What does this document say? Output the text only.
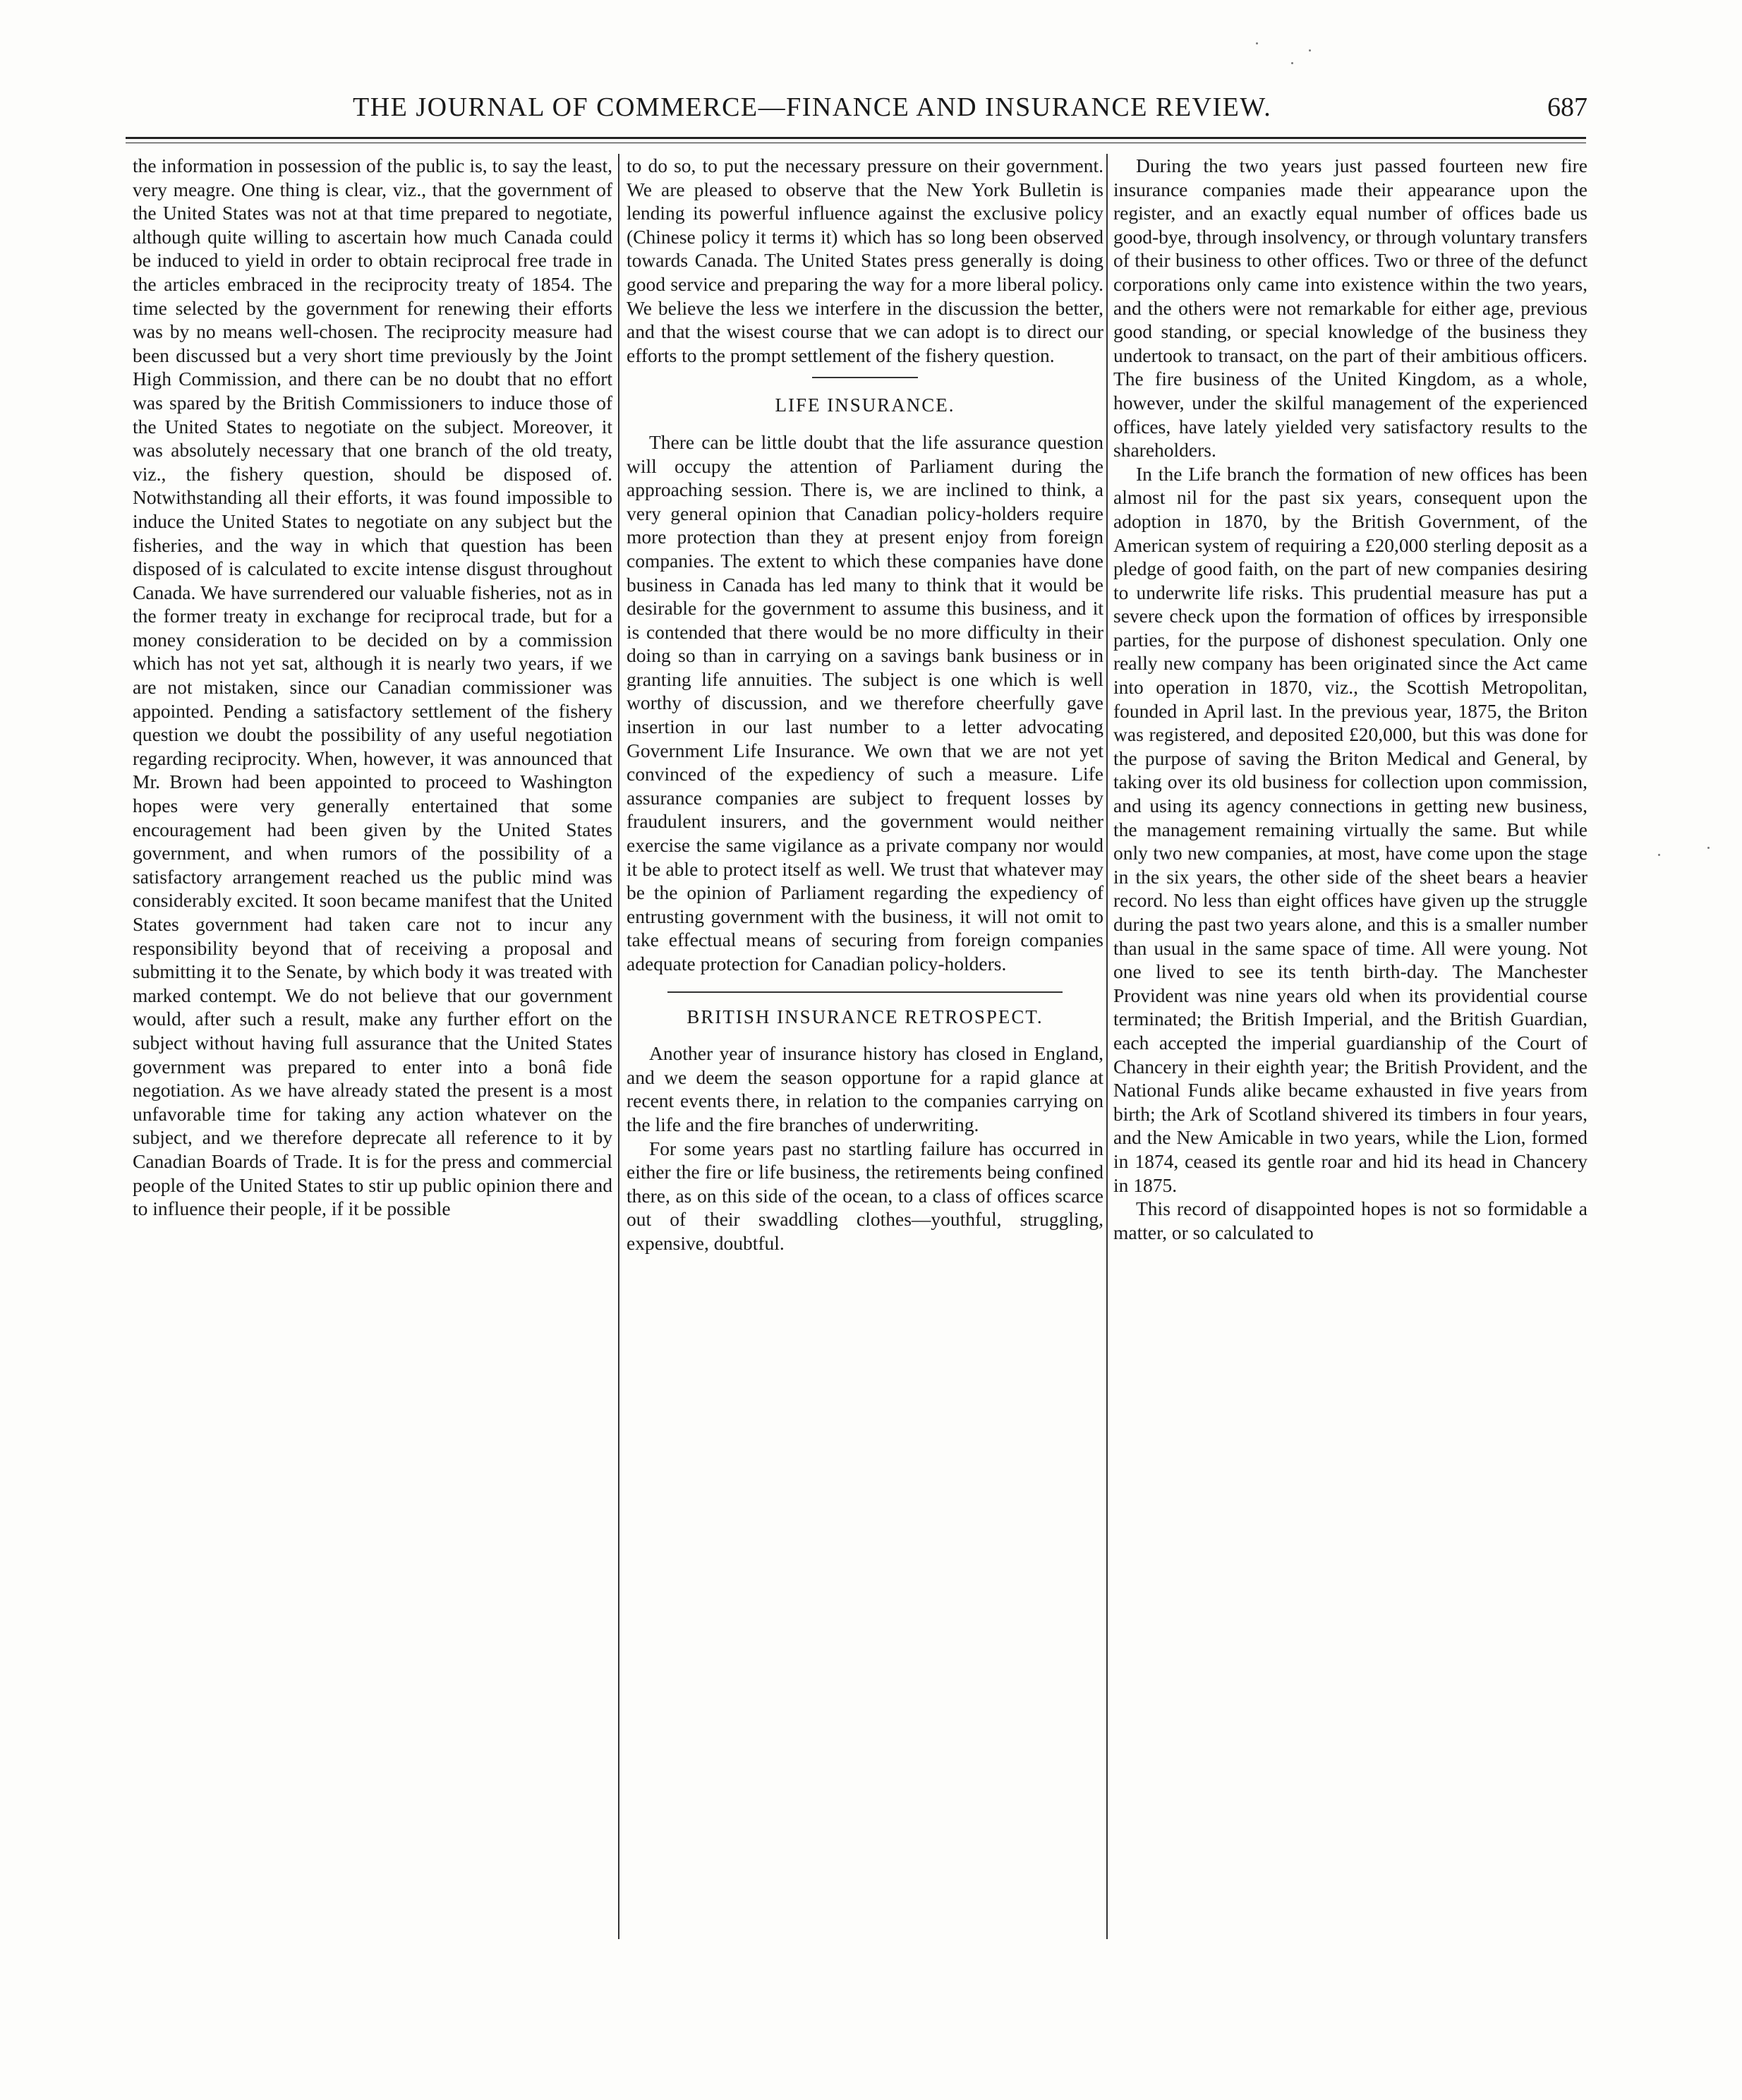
THE JOURNAL OF COMMERCE—FINANCE AND INSURANCE REVIEW.	687

the information in possession of the public is, to say the least, very meagre. One thing is clear, viz., that the government of the United States was not at that time prepared to negotiate, although quite willing to ascertain how much Canada could be induced to yield in order to obtain reciprocal free trade in the articles embraced in the reciprocity treaty of 1854. The time selected by the government for renewing their efforts was by no means well-chosen. The reciprocity measure had been discussed but a very short time previously by the Joint High Commission, and there can be no doubt that no effort was spared by the British Commissioners to induce those of the United States to negotiate on the subject. Moreover, it was absolutely necessary that one branch of the old treaty, viz., the fishery question, should be disposed of. Notwithstanding all their efforts, it was found impossible to induce the United States to negotiate on any subject but the fisheries, and the way in which that question has been disposed of is calculated to excite intense disgust throughout Canada. We have surrendered our valuable fisheries, not as in the former treaty in exchange for reciprocal trade, but for a money consideration to be decided on by a commission which has not yet sat, although it is nearly two years, if we are not mistaken, since our Canadian commissioner was appointed. Pending a satisfactory settlement of the fishery question we doubt the possibility of any useful negotiation regarding reciprocity. When, however, it was announced that Mr. Brown had been appointed to proceed to Washington hopes were very generally entertained that some encouragement had been given by the United States government, and when rumors of the possibility of a satisfactory arrangement reached us the public mind was considerably excited. It soon became manifest that the United States government had taken care not to incur any responsibility beyond that of receiving a proposal and submitting it to the Senate, by which body it was treated with marked contempt. We do not believe that our government would, after such a result, make any further effort on the subject without having full assurance that the United States government was prepared to enter into a bonâ fide negotiation. As we have already stated the present is a most unfavorable time for taking any action whatever on the subject, and we therefore deprecate all reference to it by Canadian Boards of Trade. It is for the press and commercial people of the United States to stir up public opinion there and to influence their people, if it be possible

to do so, to put the necessary pressure on their government. We are pleased to observe that the New York Bulletin is lending its powerful influence against the exclusive policy (Chinese policy it terms it) which has so long been observed towards Canada. The United States press generally is doing good service and preparing the way for a more liberal policy. We believe the less we interfere in the discussion the better, and that the wisest course that we can adopt is to direct our efforts to the prompt settlement of the fishery question.

LIFE INSURANCE.

There can be little doubt that the life assurance question will occupy the attention of Parliament during the approaching session. There is, we are inclined to think, a very general opinion that Canadian policy-holders require more protection than they at present enjoy from foreign companies. The extent to which these companies have done business in Canada has led many to think that it would be desirable for the government to assume this business, and it is contended that there would be no more difficulty in their doing so than in carrying on a savings bank business or in granting life annuities. The subject is one which is well worthy of discussion, and we therefore cheerfully gave insertion in our last number to a letter advocating Government Life Insurance. We own that we are not yet convinced of the expediency of such a measure. Life assurance companies are subject to frequent losses by fraudulent insurers, and the government would neither exercise the same vigilance as a private company nor would it be able to protect itself as well. We trust that whatever may be the opinion of Parliament regarding the expediency of entrusting government with the business, it will not omit to take effectual means of securing from foreign companies adequate protection for Canadian policy-holders.

BRITISH INSURANCE RETROSPECT.

Another year of insurance history has closed in England, and we deem the season opportune for a rapid glance at recent events there, in relation to the companies carrying on the life and the fire branches of underwriting.

For some years past no startling failure has occurred in either the fire or life business, the retirements being confined there, as on this side of the ocean, to a class of offices scarce out of their swaddling clothes—youthful, struggling, expensive, doubtful.

During the two years just passed fourteen new fire insurance companies made their appearance upon the register, and an exactly equal number of offices bade us good-bye, through insolvency, or through voluntary transfers of their business to other offices. Two or three of the defunct corporations only came into existence within the two years, and the others were not remarkable for either age, previous good standing, or special knowledge of the business they undertook to transact, on the part of their ambitious officers. The fire business of the United Kingdom, as a whole, however, under the skilful management of the experienced offices, have lately yielded very satisfactory results to the shareholders.

In the Life branch the formation of new offices has been almost nil for the past six years, consequent upon the adoption in 1870, by the British Government, of the American system of requiring a £20,000 sterling deposit as a pledge of good faith, on the part of new companies desiring to underwrite life risks. This prudential measure has put a severe check upon the formation of offices by irresponsible parties, for the purpose of dishonest speculation. Only one really new company has been originated since the Act came into operation in 1870, viz., the Scottish Metropolitan, founded in April last. In the previous year, 1875, the Briton was registered, and deposited £20,000, but this was done for the purpose of saving the Briton Medical and General, by taking over its old business for collection upon commission, and using its agency connections in getting new business, the management remaining virtually the same. But while only two new companies, at most, have come upon the stage in the six years, the other side of the sheet bears a heavier record. No less than eight offices have given up the struggle during the past two years alone, and this is a smaller number than usual in the same space of time. All were young. Not one lived to see its tenth birth-day. The Manchester Provident was nine years old when its providential course terminated; the British Imperial, and the British Guardian, each accepted the imperial guardianship of the Court of Chancery in their eighth year; the British Provident, and the National Funds alike became exhausted in five years from birth; the Ark of Scotland shivered its timbers in four years, and the New Amicable in two years, while the Lion, formed in 1874, ceased its gentle roar and hid its head in Chancery in 1875.

This record of disappointed hopes is not so formidable a matter, or so calculated to
